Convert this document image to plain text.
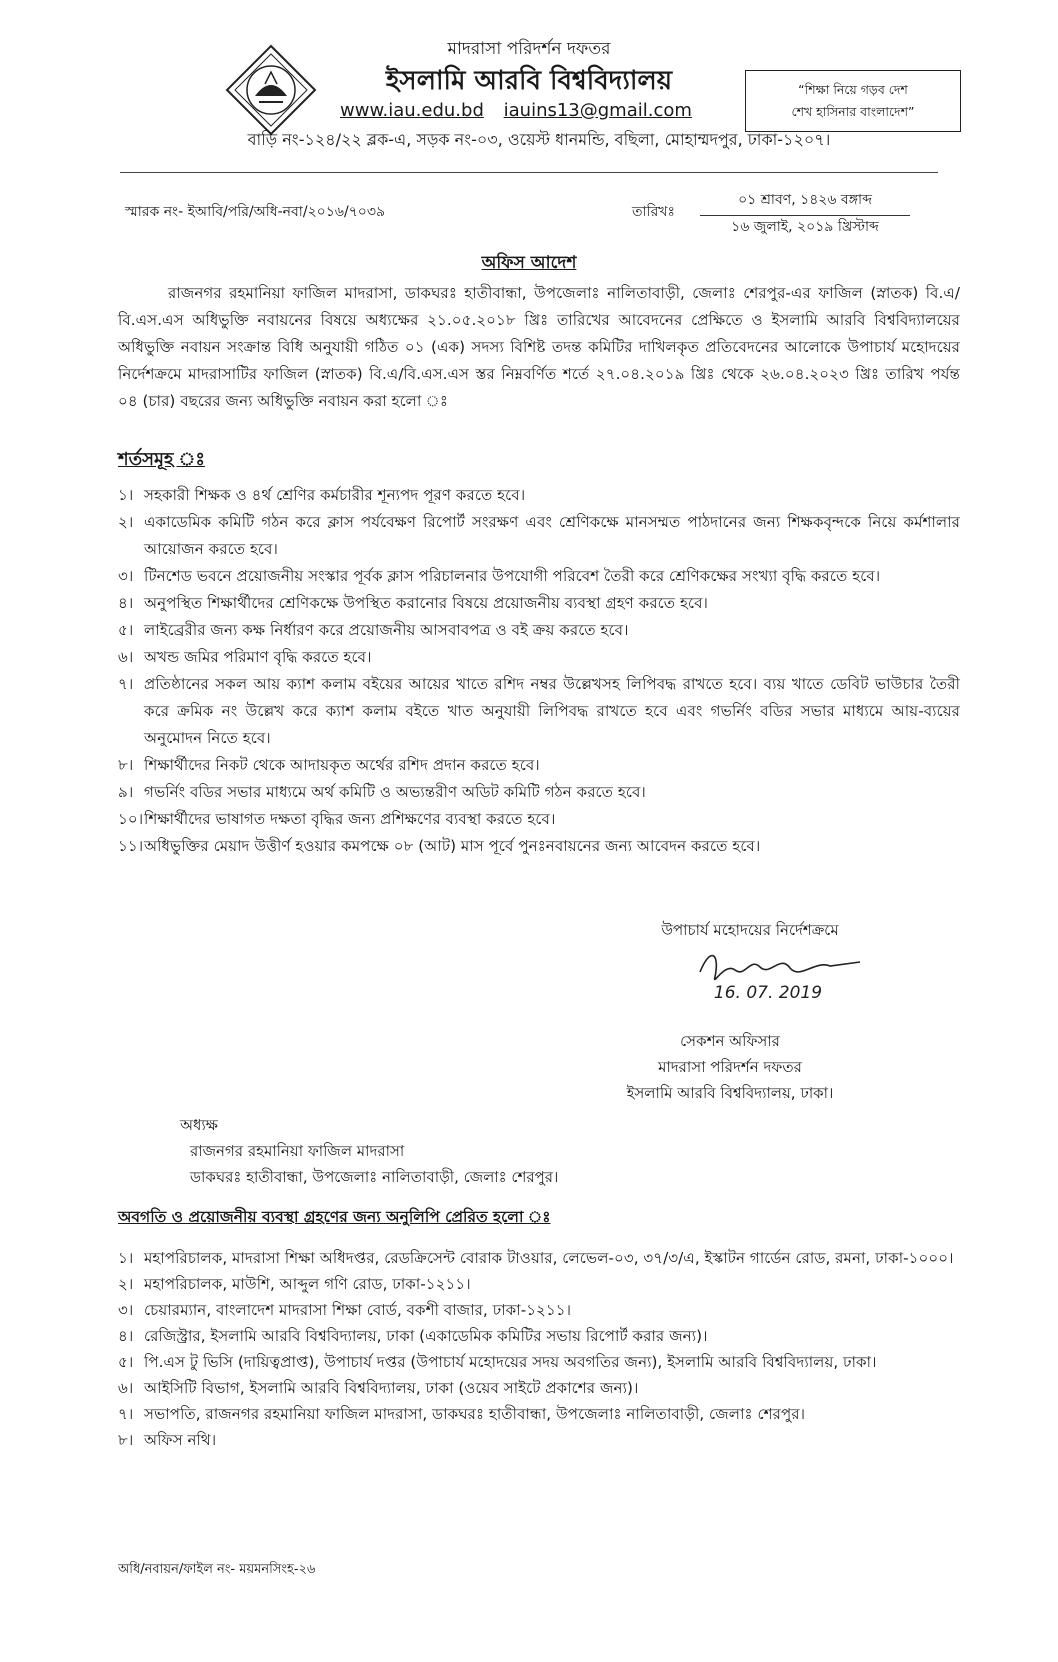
মাদরাসা পরিদর্শন দফতর
ইসলামি আরবি বিশ্ববিদ্যালয়
www.iau.edu.bd iauins13@gmail.com
“শিক্ষা নিয়ে গড়ব দেশ
শেখ হাসিনার বাংলাদেশ”
বাড়ি নং-১২৪/২২ ব্লক-এ, সড়ক নং-০৩, ওয়েস্ট ধানমন্ডি, বছিলা, মোহাম্মদপুর, ঢাকা-১২০৭।
স্মারক নং- ইআবি/পরি/অধি-নবা/২০১৬/৭০৩৯	তারিখঃ
০১ শ্রাবণ, ১৪২৬ বঙ্গাব্দ
১৬ জুলাই, ২০১৯ খ্রিস্টাব্দ
অফিস আদেশ
রাজনগর রহমানিয়া ফাজিল মাদরাসা, ডাকঘরঃ হাতীবান্ধা, উপজেলাঃ নালিতাবাড়ী, জেলাঃ শেরপুর-এর ফাজিল (স্নাতক) বি.এ/বি.এস.এস অধিভুক্তি নবায়নের বিষয়ে অধ্যক্ষের ২১.০৫.২০১৮ খ্রিঃ তারিখের আবেদনের প্রেক্ষিতে ও ইসলামি আরবি বিশ্ববিদ্যালয়ের অধিভুক্তি নবায়ন সংক্রান্ত বিধি অনুযায়ী গঠিত ০১ (এক) সদস্য বিশিষ্ট তদন্ত কমিটির দাখিলকৃত প্রতিবেদনের আলোকে উপাচার্য মহোদয়ের নির্দেশক্রমে মাদরাসাটির ফাজিল (স্নাতক) বি.এ/বি.এস.এস স্তর নিম্নবর্ণিত শর্তে ২৭.০৪.২০১৯ খ্রিঃ থেকে ২৬.০৪.২০২৩ খ্রিঃ তারিখ পর্যন্ত ০৪ (চার) বছরের জন্য অধিভুক্তি নবায়ন করা হলো ঃ
শর্তসমূহ ঃ
১। সহকারী শিক্ষক ও ৪র্থ শ্রেণির কর্মচারীর শূন্যপদ পূরণ করতে হবে।
২। একাডেমিক কমিটি গঠন করে ক্লাস পর্যবেক্ষণ রিপোর্ট সংরক্ষণ এবং শ্রেণিকক্ষে মানসম্মত পাঠদানের জন্য শিক্ষকবৃন্দকে নিয়ে কর্মশালার আয়োজন করতে হবে।
৩। টিনশেড ভবনে প্রয়োজনীয় সংস্কার পূর্বক ক্লাস পরিচালনার উপযোগী পরিবেশ তৈরী করে শ্রেণিকক্ষের সংখ্যা বৃদ্ধি করতে হবে।
৪। অনুপস্থিত শিক্ষার্থীদের শ্রেণিকক্ষে উপস্থিত করানোর বিষয়ে প্রয়োজনীয় ব্যবস্থা গ্রহণ করতে হবে।
৫। লাইব্রেরীর জন্য কক্ষ নির্ধারণ করে প্রয়োজনীয় আসবাবপত্র ও বই ক্রয় করতে হবে।
৬। অখন্ড জমির পরিমাণ বৃদ্ধি করতে হবে।
৭। প্রতিষ্ঠানের সকল আয় ক্যাশ কলাম বইয়ের আয়ের খাতে রশিদ নম্বর উল্লেখসহ লিপিবদ্ধ রাখতে হবে। ব্যয় খাতে ডেবিট ভাউচার তৈরী করে ক্রমিক নং উল্লেখ করে ক্যাশ কলাম বইতে খাত অনুযায়ী লিপিবদ্ধ রাখতে হবে এবং গভর্নিং বডির সভার মাধ্যমে আয়-ব্যয়ের অনুমোদন নিতে হবে।
৮। শিক্ষার্থীদের নিকট থেকে আদায়কৃত অর্থের রশিদ প্রদান করতে হবে।
৯। গভর্নিং বডির সভার মাধ্যমে অর্থ কমিটি ও অভ্যন্তরীণ অডিট কমিটি গঠন করতে হবে।
১০।শিক্ষার্থীদের ভাষাগত দক্ষতা বৃদ্ধির জন্য প্রশিক্ষণের ব্যবস্থা করতে হবে।
১১।অধিভুক্তির মেয়াদ উত্তীর্ণ হওয়ার কমপক্ষে ০৮ (আট) মাস পূর্বে পুনঃনবায়নের জন্য আবেদন করতে হবে।
উপাচার্য মহোদয়ের নির্দেশক্রমে
16. 07. 2019
সেকশন অফিসার
মাদরাসা পরিদর্শন দফতর
ইসলামি আরবি বিশ্ববিদ্যালয়, ঢাকা।
অধ্যক্ষ
রাজনগর রহমানিয়া ফাজিল মাদরাসা
ডাকঘরঃ হাতীবান্ধা, উপজেলাঃ নালিতাবাড়ী, জেলাঃ শেরপুর।
অবগতি ও প্রয়োজনীয় ব্যবস্থা গ্রহণের জন্য অনুলিপি প্রেরিত হলো ঃ
১। মহাপরিচালক, মাদরাসা শিক্ষা অধিদপ্তর, রেডক্রিসেন্ট বোরাক টাওয়ার, লেভেল-০৩, ৩৭/৩/এ, ইস্কাটন গার্ডেন রোড, রমনা, ঢাকা-১০০০।
২। মহাপরিচালক, মাউশি, আব্দুল গণি রোড, ঢাকা-১২১১।
৩। চেয়ারম্যান, বাংলাদেশ মাদরাসা শিক্ষা বোর্ড, বকশী বাজার, ঢাকা-১২১১।
৪। রেজিস্ট্রার, ইসলামি আরবি বিশ্ববিদ্যালয়, ঢাকা (একাডেমিক কমিটির সভায় রিপোর্ট করার জন্য)।
৫। পি.এস টু ভিসি (দায়িত্বপ্রাপ্ত), উপাচার্য দপ্তর (উপাচার্য মহোদয়ের সদয় অবগতির জন্য), ইসলামি আরবি বিশ্ববিদ্যালয়, ঢাকা।
৬। আইসিটি বিভাগ, ইসলামি আরবি বিশ্ববিদ্যালয়, ঢাকা (ওয়েব সাইটে প্রকাশের জন্য)।
৭। সভাপতি, রাজনগর রহমানিয়া ফাজিল মাদরাসা, ডাকঘরঃ হাতীবান্ধা, উপজেলাঃ নালিতাবাড়ী, জেলাঃ শেরপুর।
৮। অফিস নথি।
অধি/নবায়ন/ফাইল নং- ময়মনসিংহ-২৬
